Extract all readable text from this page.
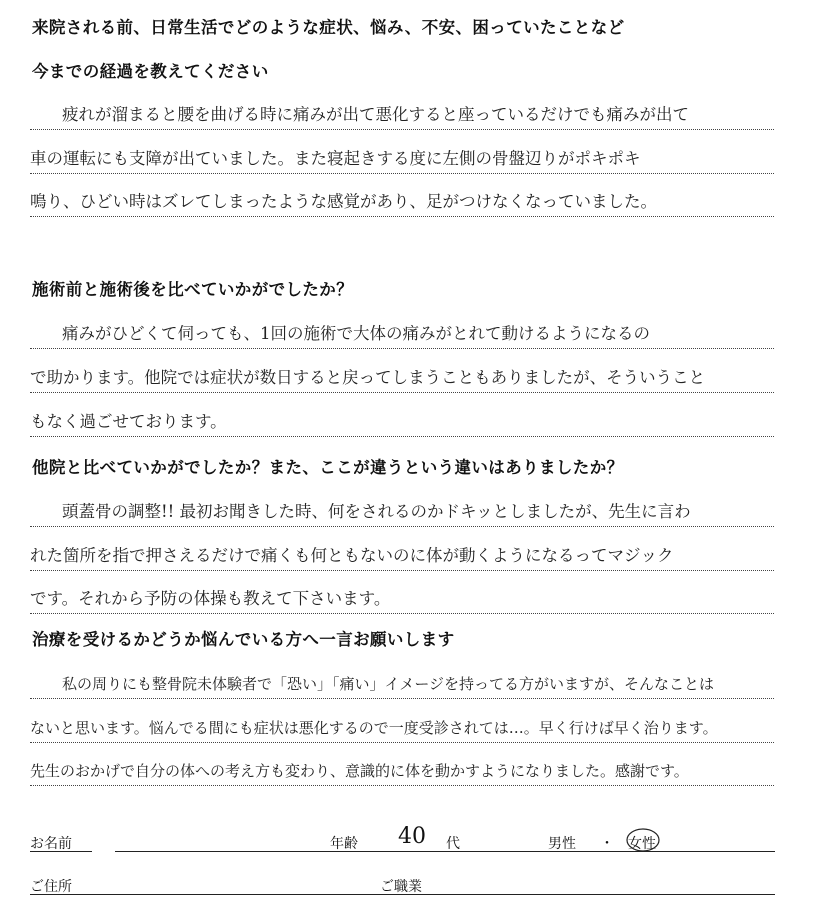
来院される前、日常生活でどのような症状、悩み、不安、困っていたことなど
今までの経過を教えてください
疲れが溜まると腰を曲げる時に痛みが出て悪化すると座っているだけでも痛みが出て
車の運転にも支障が出ていました。また寝起きする度に左側の骨盤辺りがポキポキ
鳴り、ひどい時はズレてしまったような感覚があり、足がつけなくなっていました。
施術前と施術後を比べていかがでしたか？
痛みがひどくて伺っても、1回の施術で大体の痛みがとれて動けるようになるの
で助かります。他院では症状が数日すると戻ってしまうこともありましたが、そういうこと
もなく過ごせております。
他院と比べていかがでしたか？また、ここが違うという違いはありましたか？
頭蓋骨の調整!! 最初お聞きした時、何をされるのかドキッとしましたが、先生に言わ
れた箇所を指で押さえるだけで痛くも何ともないのに体が動くようになるってマジック
です。それから予防の体操も教えて下さいます。
治療を受けるかどうか悩んでいる方へ一言お願いします
私の周りにも整骨院未体験者で「恐い」「痛い」イメージを持ってる方がいますが、そんなことは
ないと思います。悩んでる間にも症状は悪化するので一度受診されては…。早く行けば早く治ります。
先生のおかげで自分の体への考え方も変わり、意識的に体を動かすようになりました。感謝です。
お名前	年齢 40 代	男性 ・ 女性
ご住所	ご職業
